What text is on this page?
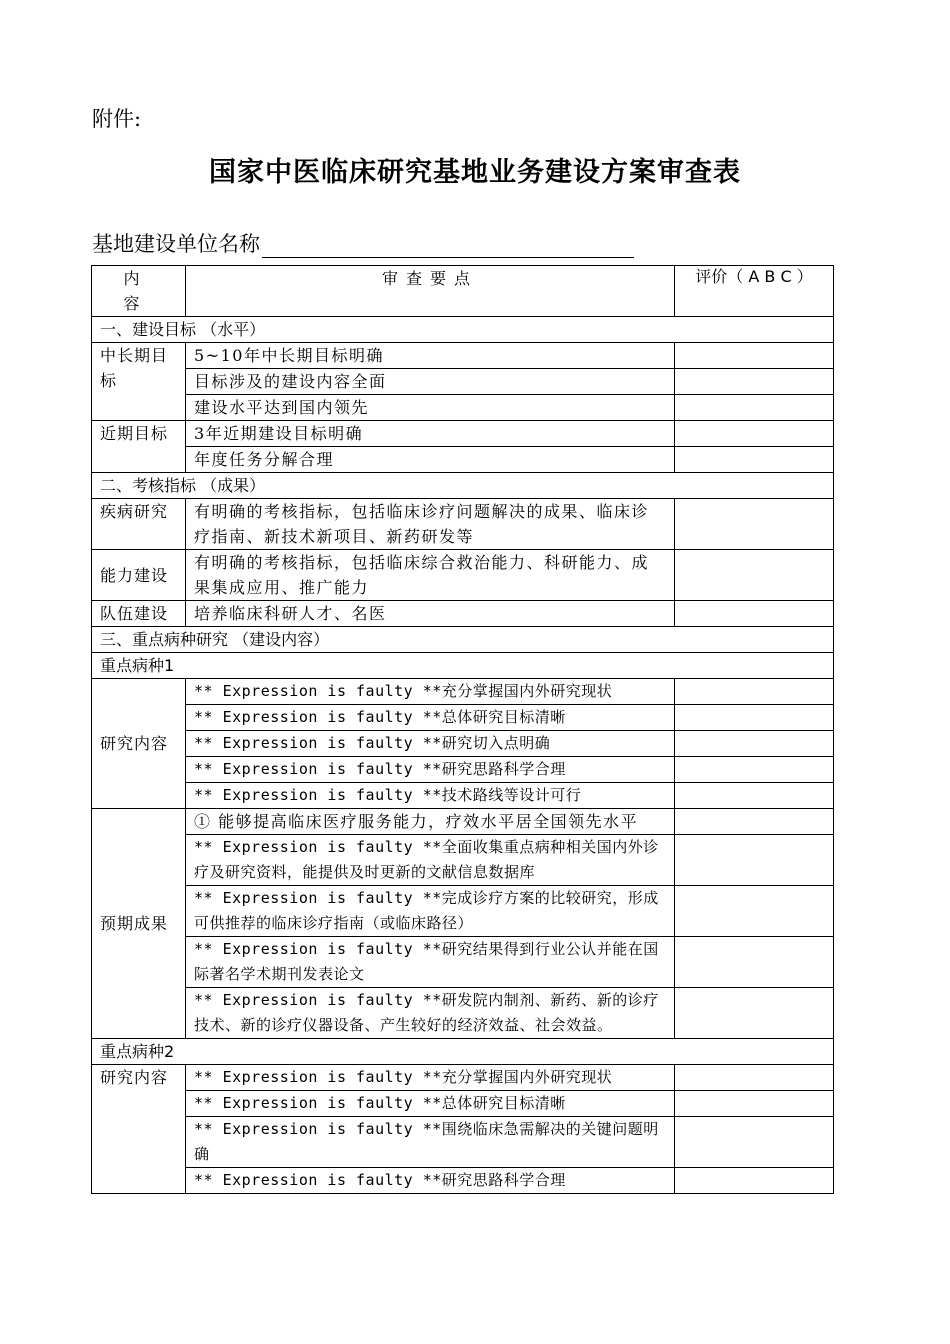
附件:
国家中医临床研究基地业务建设方案审查表
基地建设单位名称
内 容	审查要点	评价（ A B C ）
一、建设目标 （水平）		
中长期目标	5~10年中长期目标明确	
	目标涉及的建设内容全面	
	建设水平达到国内领先	
近期目标	3年近期建设目标明确	
	年度任务分解合理	
二、考核指标 （成果）		
疾病研究	有明确的考核指标，包括临床诊疗问题解决的成果、临床诊疗指南、新技术新项目、新药研发等	
能力建设	有明确的考核指标，包括临床综合救治能力、科研能力、成果集成应用、推广能力	
队伍建设	培养临床科研人才、名医	
三、重点病种研究 （建设内容）		
重点病种1		
研究内容	** Expression is faulty **充分掌握国内外研究现状	
	** Expression is faulty **总体研究目标清晰	
	** Expression is faulty **研究切入点明确	
	** Expression is faulty **研究思路科学合理	
	** Expression is faulty **技术路线等设计可行	
预期成果	① 能够提高临床医疗服务能力，疗效水平居全国领先水平	
	** Expression is faulty **全面收集重点病种相关国内外诊疗及研究资料，能提供及时更新的文献信息数据库	
	** Expression is faulty **完成诊疗方案的比较研究，形成可供推荐的临床诊疗指南（或临床路径）	
	** Expression is faulty **研究结果得到行业公认并能在国际著名学术期刊发表论文	
	** Expression is faulty **研发院内制剂、新药、新的诊疗技术、新的诊疗仪器设备、产生较好的经济效益、社会效益。	
重点病种2		
研究内容	** Expression is faulty **充分掌握国内外研究现状	
	** Expression is faulty **总体研究目标清晰	
	** Expression is faulty **围绕临床急需解决的关键问题明确	
	** Expression is faulty **研究思路科学合理	
